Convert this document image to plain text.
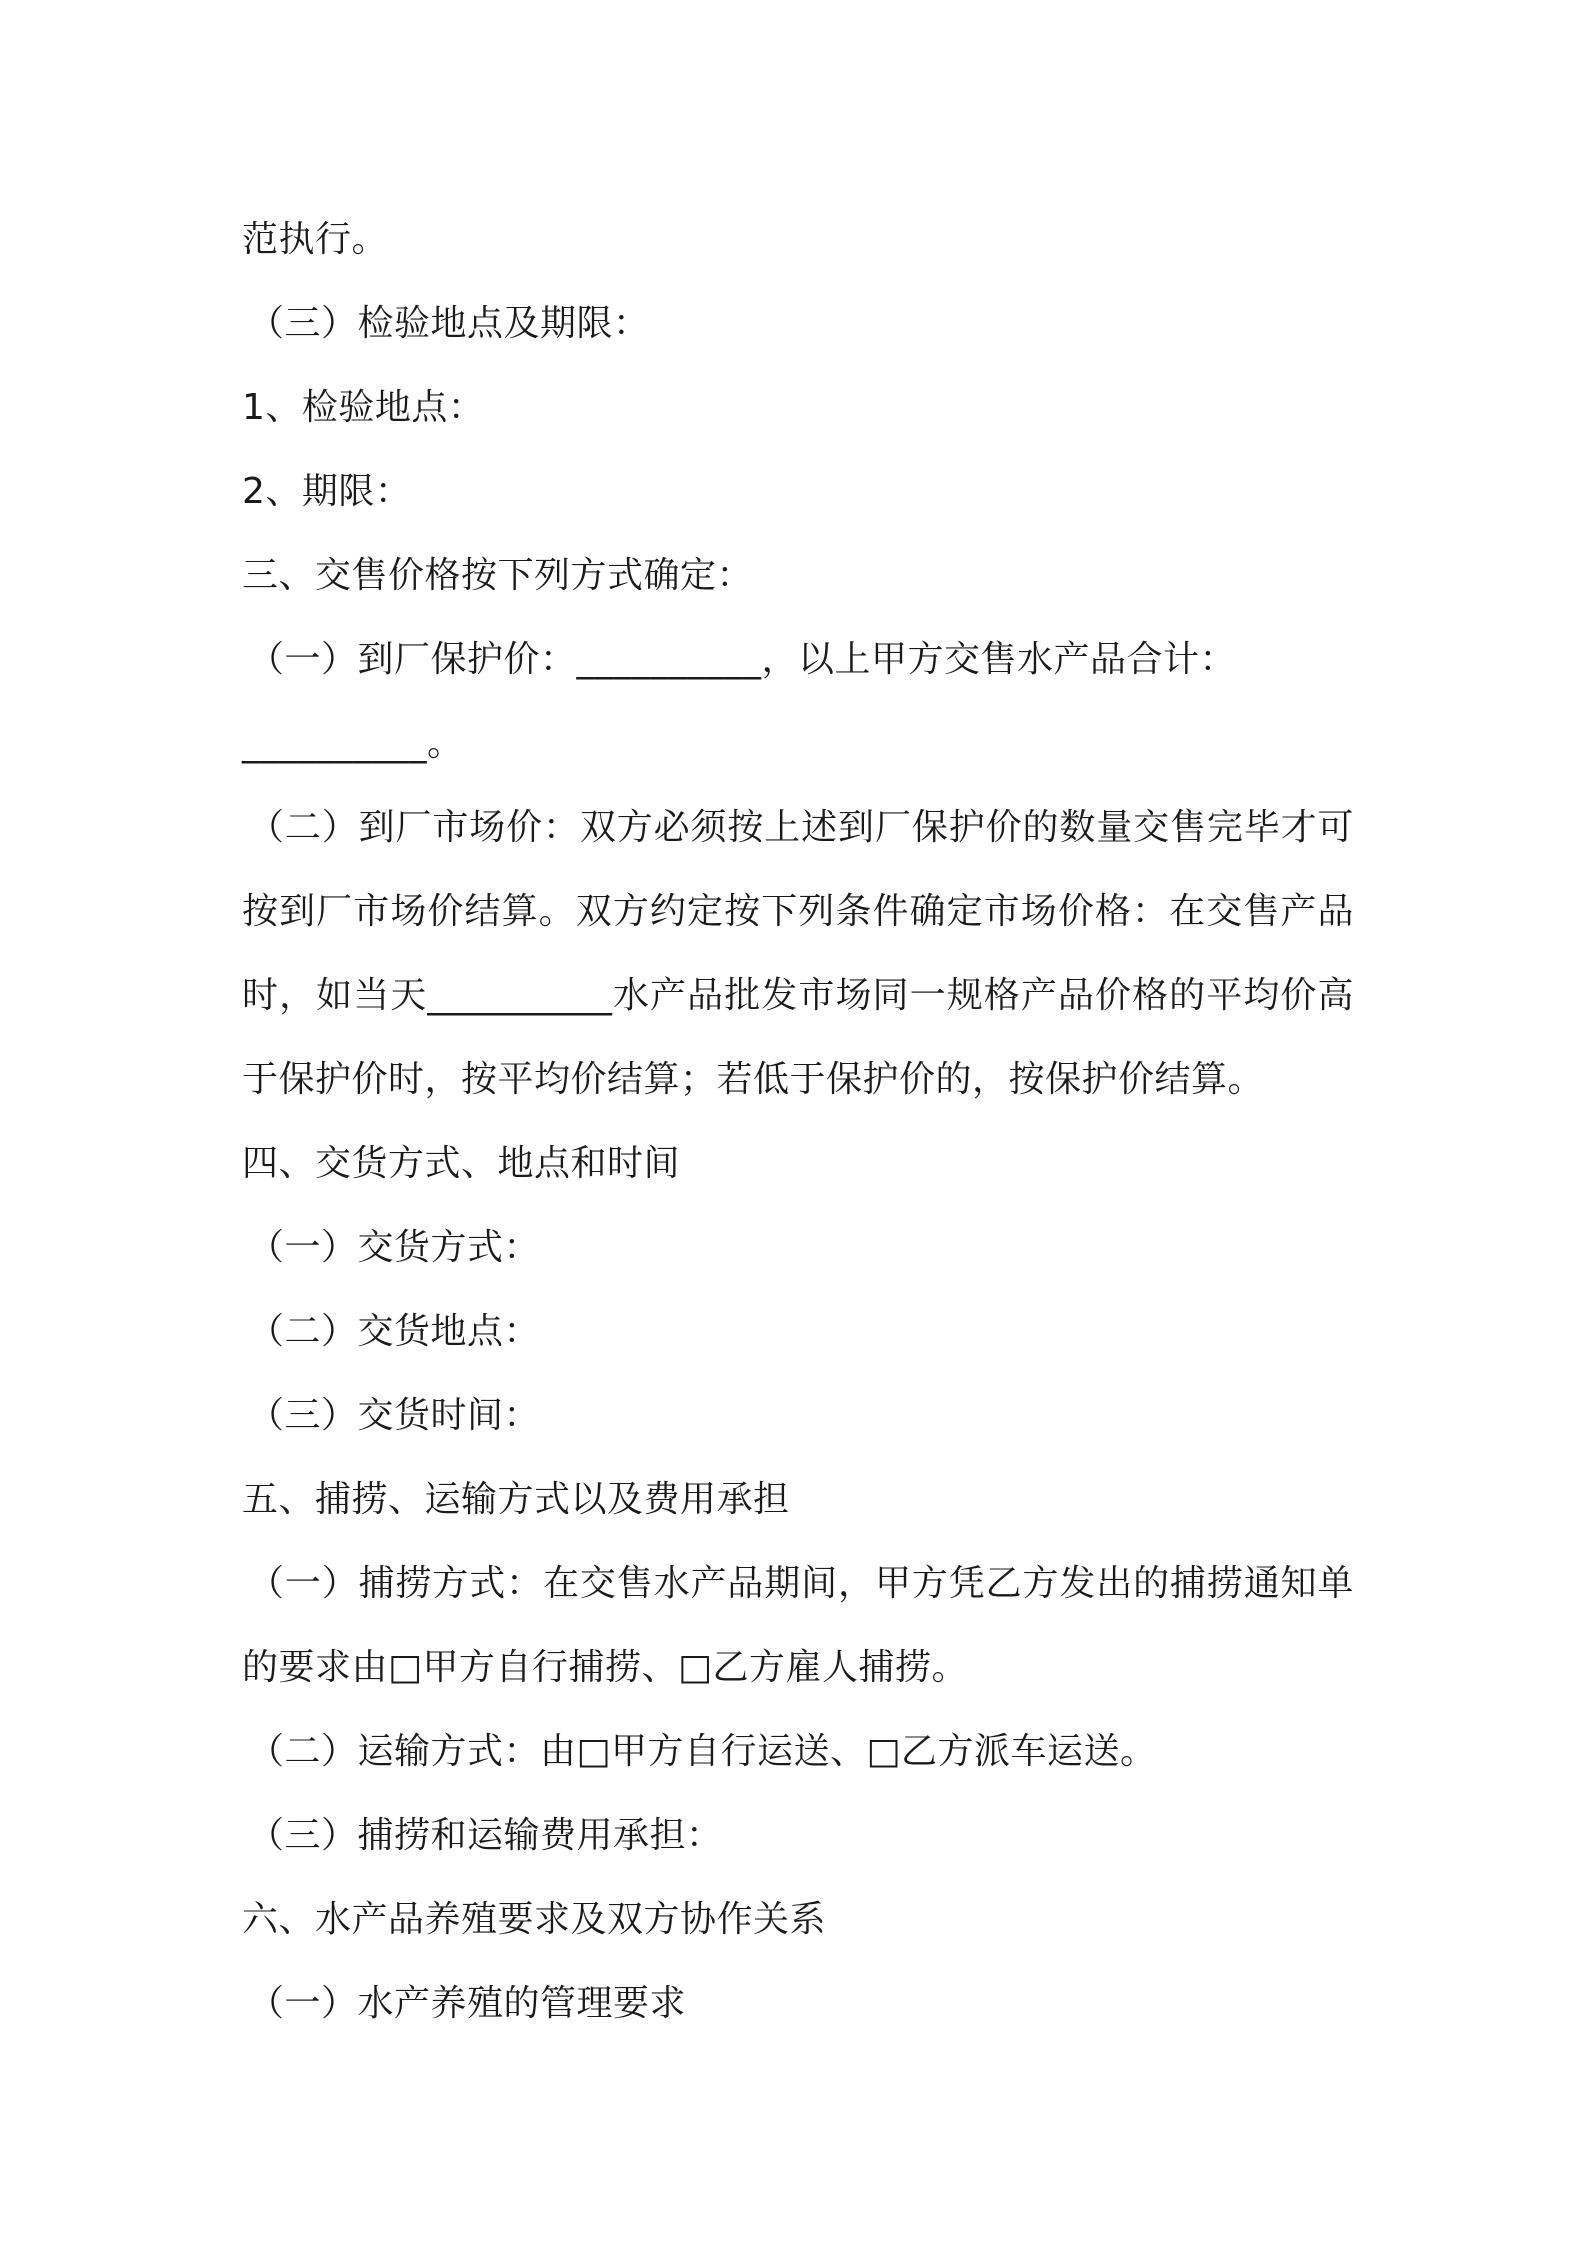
范执行。
（三）检验地点及期限：
1、检验地点：
2、期限：
三、交售价格按下列方式确定：
（一）到厂保护价：__________，以上甲方交售水产品合计：
__________。
（二）到厂市场价：双方必须按上述到厂保护价的数量交售完毕才可
按到厂市场价结算。双方约定按下列条件确定市场价格：在交售产品
时，如当天__________水产品批发市场同一规格产品价格的平均价高
于保护价时，按平均价结算；若低于保护价的，按保护价结算。
四、交货方式、地点和时间
（一）交货方式：
（二）交货地点：
（三）交货时间：
五、捕捞、运输方式以及费用承担
（一）捕捞方式：在交售水产品期间，甲方凭乙方发出的捕捞通知单
的要求由□甲方自行捕捞、□乙方雇人捕捞。
（二）运输方式：由□甲方自行运送、□乙方派车运送。
（三）捕捞和运输费用承担：
六、水产品养殖要求及双方协作关系
（一）水产养殖的管理要求
